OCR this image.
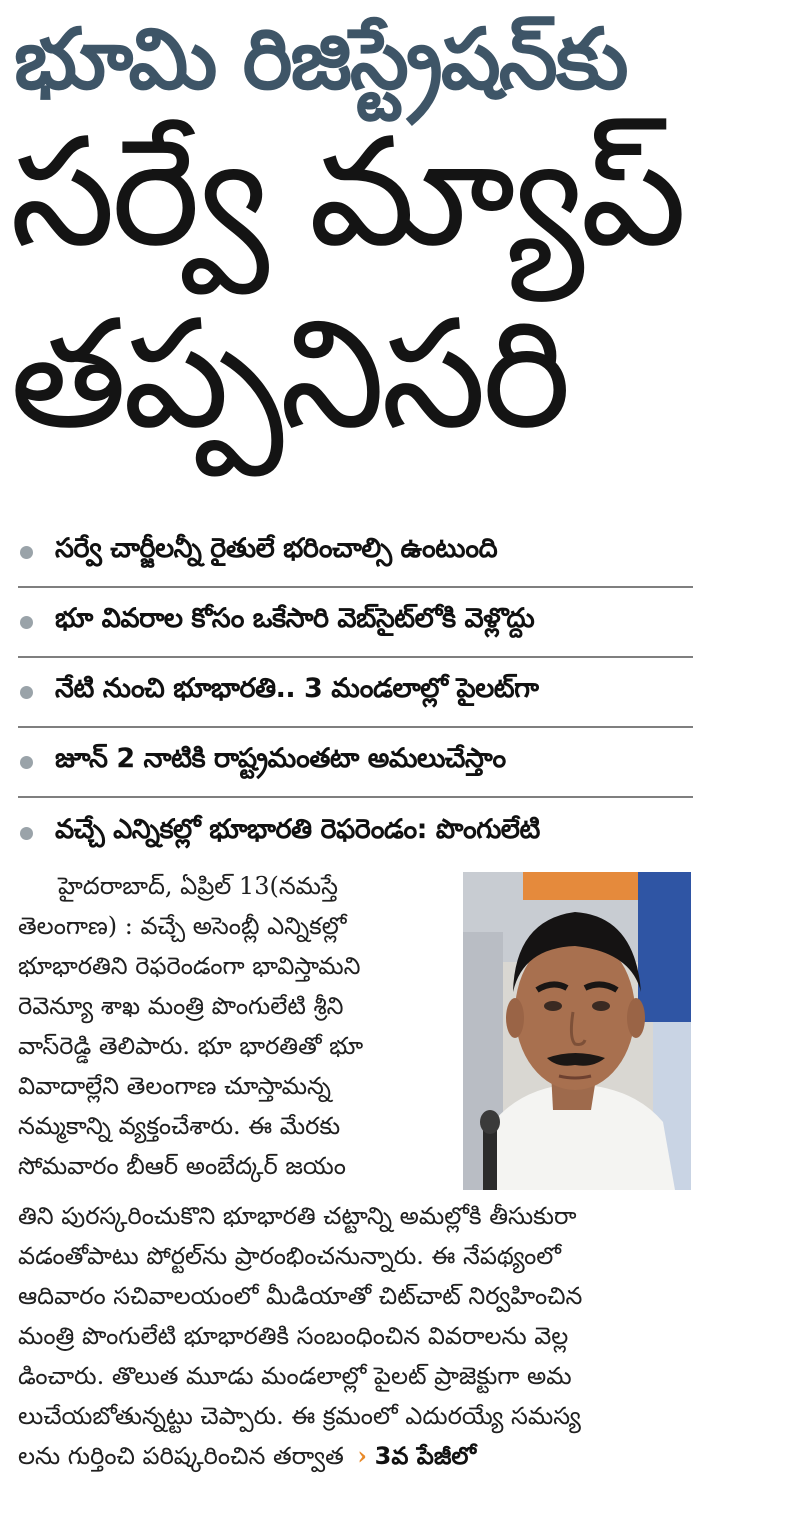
భూమి రిజిస్ట్రేషన్‌కు
సర్వే మ్యాప్
తప్పనిసరి
సర్వే చార్జీలన్నీ రైతులే భరించాల్సి ఉంటుంది
భూ వివరాల కోసం ఒకేసారి వెబ్‌సైట్‌లోకి వెళ్లొద్దు
నేటి నుంచి భూభారతి.. 3 మండలాల్లో పైలట్‌గా
జూన్ 2 నాటికి రాష్ట్రమంతటా అమలుచేస్తాం
వచ్చే ఎన్నికల్లో భూభారతి రెఫరెండం: పొంగులేటి
హైదరాబాద్, ఏప్రిల్ 13(నమస్తే
తెలంగాణ) : వచ్చే అసెంబ్లీ ఎన్నికల్లో
భూభారతిని రెఫరెండంగా భావిస్తామని
రెవెన్యూ శాఖ మంత్రి పొంగులేటి శ్రీని
వాస్‌రెడ్డి తెలిపారు. భూ భారతితో భూ
వివాదాల్లేని తెలంగాణ చూస్తామన్న
నమ్మకాన్ని వ్యక్తంచేశారు. ఈ మేరకు
సోమవారం బీఆర్ అంబేద్కర్ జయం
తిని పురస్కరించుకొని భూభారతి చట్టాన్ని అమల్లోకి తీసుకురా
వడంతోపాటు పోర్టల్‌ను ప్రారంభించనున్నారు. ఈ నేపథ్యంలో
ఆదివారం సచివాలయంలో మీడియాతో చిట్‌చాట్ నిర్వహించిన
మంత్రి పొంగులేటి భూభారతికి సంబంధించిన వివరాలను వెల్ల
డించారు. తొలుత మూడు మండలాల్లో పైలట్ ప్రాజెక్టుగా అమ
లుచేయబోతున్నట్టు చెప్పారు. ఈ క్రమంలో ఎదురయ్యే సమస్య
లను గుర్తించి పరిష్కరించిన తర్వాత › 3వ పేజీలో
